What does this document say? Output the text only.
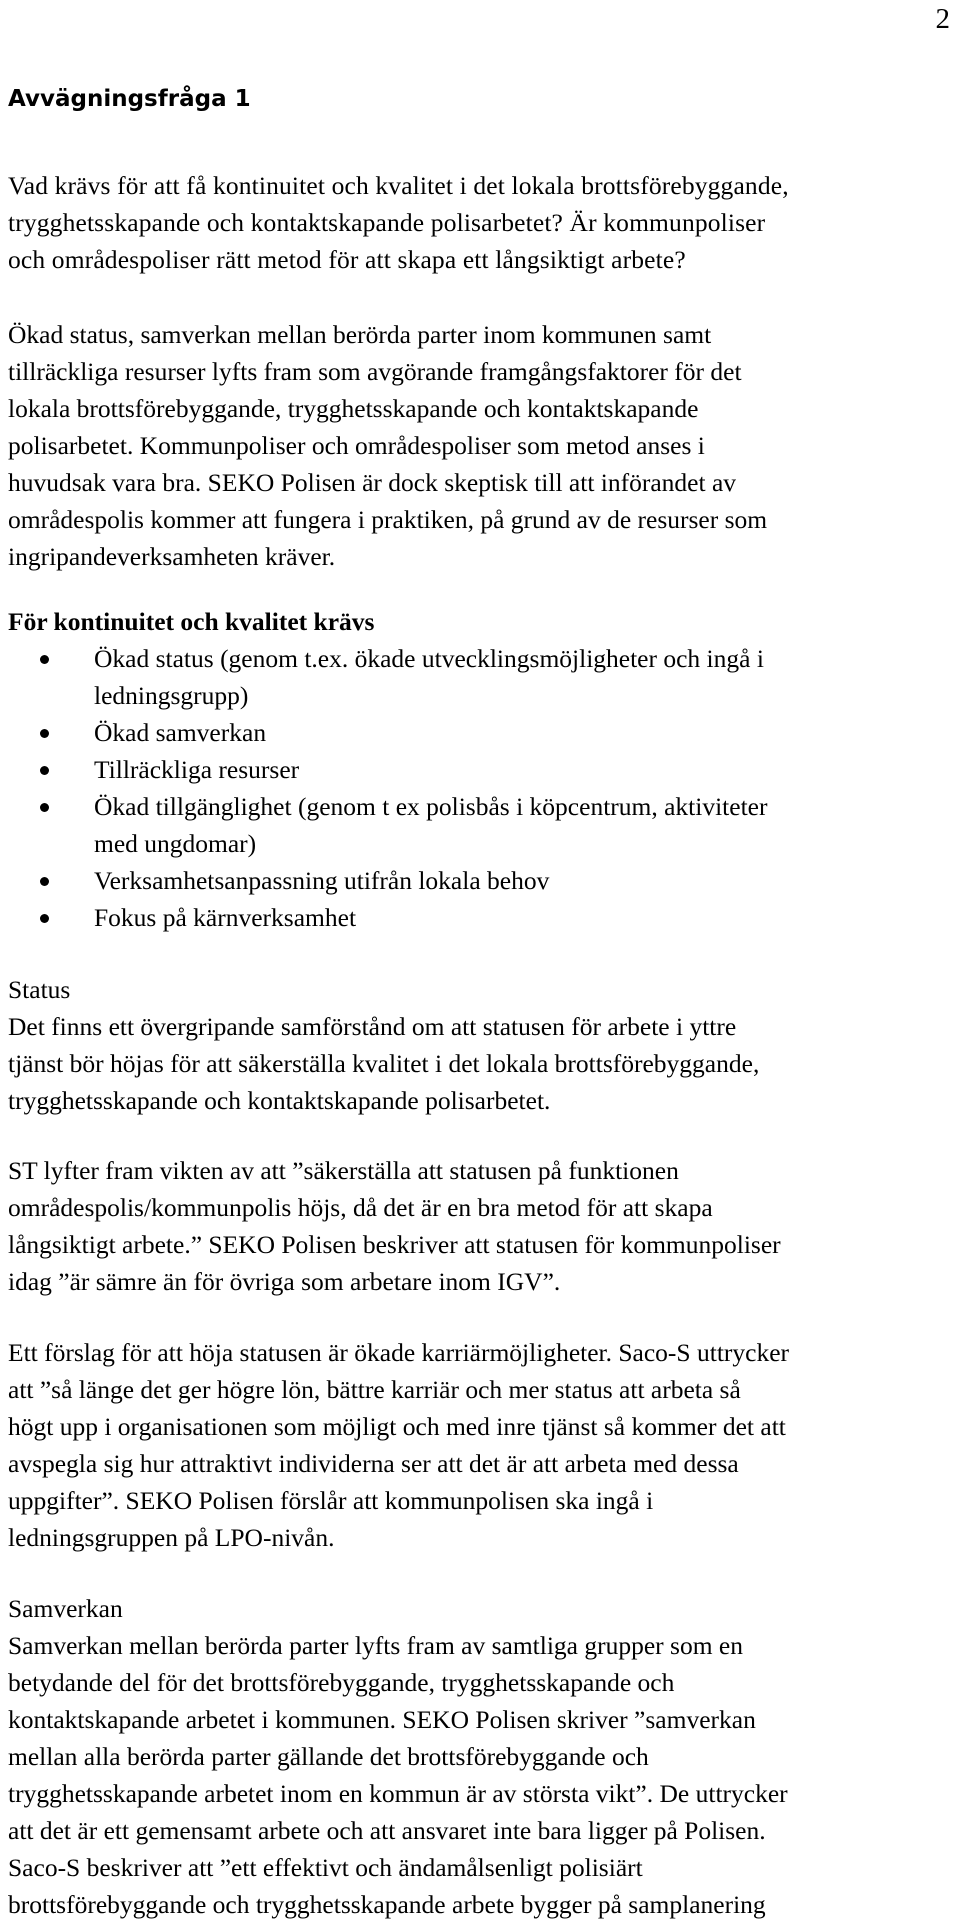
2
Avvägningsfråga 1

Vad krävs för att få kontinuitet och kvalitet i det lokala brottsförebyggande,

trygghetsskapande och kontaktskapande polisarbetet? Är kommunpoliser

och områdespoliser rätt metod för att skapa ett långsiktigt arbete?

Ökad status, samverkan mellan berörda parter inom kommunen samt

tillräckliga resurser lyfts fram som avgörande framgångsfaktorer för det

lokala brottsförebyggande, trygghetsskapande och kontaktskapande

polisarbetet. Kommunpoliser och områdespoliser som metod anses i

huvudsak vara bra. SEKO Polisen är dock skeptisk till att införandet av

områdespolis kommer att fungera i praktiken, på grund av de resurser som

ingripandeverksamheten kräver.

För kontinuitet och kvalitet krävs
Ökad status (genom t.ex. ökade utvecklingsmöjligheter och ingå i
ledningsgrupp)
Ökad samverkan
Tillräckliga resurser
Ökad tillgänglighet (genom t ex polisbås i köpcentrum, aktiviteter
med ungdomar)
Verksamhetsanpassning utifrån lokala behov
Fokus på kärnverksamhet

Status

Det finns ett övergripande samförstånd om att statusen för arbete i yttre

tjänst bör höjas för att säkerställa kvalitet i det lokala brottsförebyggande,

trygghetsskapande och kontaktskapande polisarbetet.

ST lyfter fram vikten av att ”säkerställa att statusen på funktionen

områdespolis/kommunpolis höjs, då det är en bra metod för att skapa

långsiktigt arbete.” SEKO Polisen beskriver att statusen för kommunpoliser

idag ”är sämre än för övriga som arbetare inom IGV”.

Ett förslag för att höja statusen är ökade karriärmöjligheter. Saco-S uttrycker

att ”så länge det ger högre lön, bättre karriär och mer status att arbeta så

högt upp i organisationen som möjligt och med inre tjänst så kommer det att

avspegla sig hur attraktivt individerna ser att det är att arbeta med dessa

uppgifter”. SEKO Polisen förslår att kommunpolisen ska ingå i

ledningsgruppen på LPO-nivån.

Samverkan

Samverkan mellan berörda parter lyfts fram av samtliga grupper som en

betydande del för det brottsförebyggande, trygghetsskapande och

kontaktskapande arbetet i kommunen. SEKO Polisen skriver ”samverkan

mellan alla berörda parter gällande det brottsförebyggande och

trygghetsskapande arbetet inom en kommun är av största vikt”. De uttrycker

att det är ett gemensamt arbete och att ansvaret inte bara ligger på Polisen.

Saco-S beskriver att ”ett effektivt och ändamålsenligt polisiärt

brottsförebyggande och trygghetsskapande arbete bygger på samplanering
